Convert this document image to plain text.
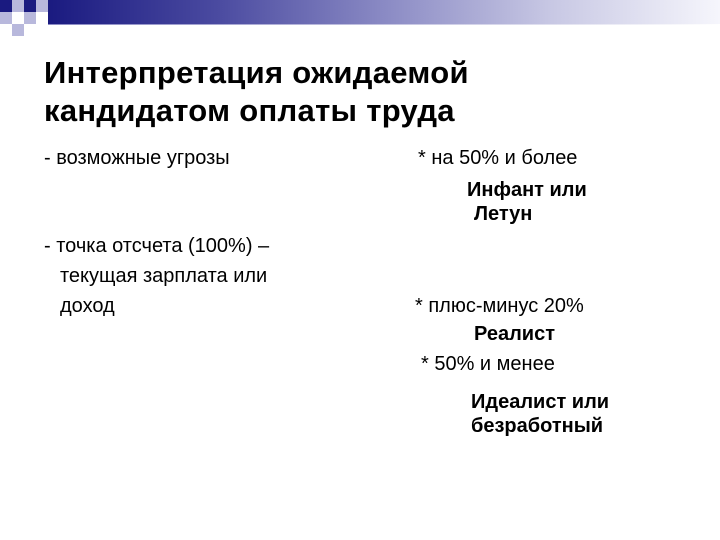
Интерпретация ожидаемой
кандидатом оплаты труда
- возможные угрозы
- точка отсчета (100%) –
текущая зарплата или
доход
* на 50% и более
Инфант или
Летун
* плюс-минус 20%
Реалист
* 50% и менее
Идеалист или
безработный
